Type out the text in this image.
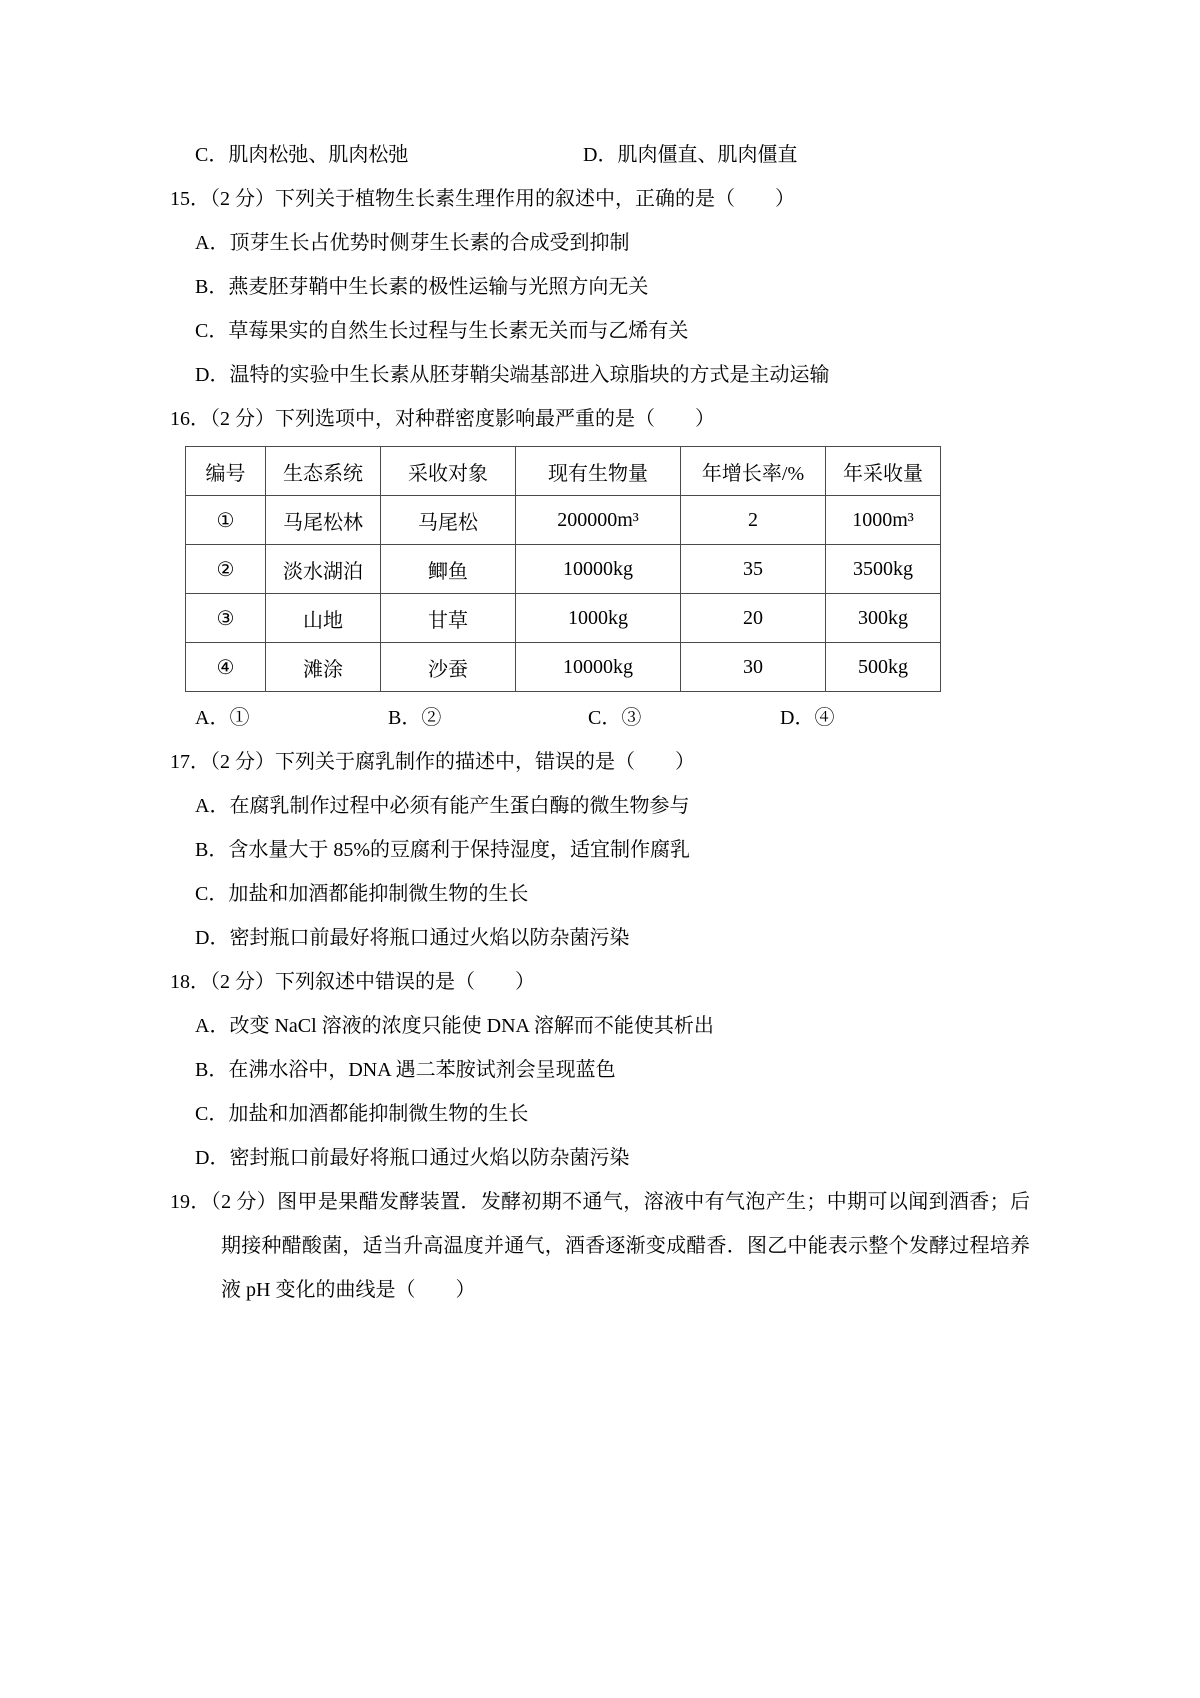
C．肌肉松弛、肌肉松弛	D．肌肉僵直、肌肉僵直
15．（2 分）下列关于植物生长素生理作用的叙述中，正确的是（　　）
A．顶芽生长占优势时侧芽生长素的合成受到抑制
B．燕麦胚芽鞘中生长素的极性运输与光照方向无关
C．草莓果实的自然生长过程与生长素无关而与乙烯有关
D．温特的实验中生长素从胚芽鞘尖端基部进入琼脂块的方式是主动运输
16．（2 分）下列选项中，对种群密度影响最严重的是（　　）
编号	生态系统	采收对象	现有生物量	年增长率/%	年采收量
①	马尾松林	马尾松	200000m³	2	1000m³
②	淡水湖泊	鲫鱼	10000kg	35	3500kg
③	山地	甘草	1000kg	20	300kg
④	滩涂	沙蚕	10000kg	30	500kg
A．①	B．②	C．③	D．④
17．（2 分）下列关于腐乳制作的描述中，错误的是（　　）
A．在腐乳制作过程中必须有能产生蛋白酶的微生物参与
B．含水量大于 85%的豆腐利于保持湿度，适宜制作腐乳
C．加盐和加酒都能抑制微生物的生长
D．密封瓶口前最好将瓶口通过火焰以防杂菌污染
18．（2 分）下列叙述中错误的是（　　）
A．改变 NaCl 溶液的浓度只能使 DNA 溶解而不能使其析出
B．在沸水浴中，DNA 遇二苯胺试剂会呈现蓝色
C．加盐和加酒都能抑制微生物的生长
D．密封瓶口前最好将瓶口通过火焰以防杂菌污染
19．（2 分）图甲是果醋发酵装置．发酵初期不通气，溶液中有气泡产生；中期可以闻到酒香；后期接种醋酸菌，适当升高温度并通气，酒香逐渐变成醋香．图乙中能表示整个发酵过程培养液 pH 变化的曲线是（　　）
